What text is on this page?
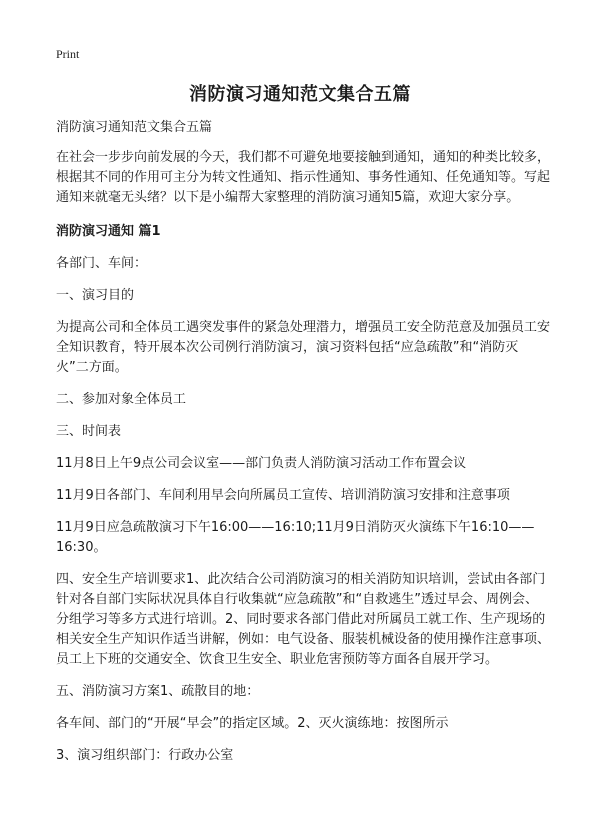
Print
消防演习通知范文集合五篇

消防演习通知范文集合五篇

在社会一步步向前发展的今天，我们都不可避免地要接触到通知，通知的种类比较多，根据其不同的作用可主分为转文性通知、指示性通知、事务性通知、任免通知等。写起通知来就毫无头绪？以下是小编帮大家整理的消防演习通知5篇，欢迎大家分享。

消防演习通知 篇1

各部门、车间：

一、演习目的

为提高公司和全体员工遇突发事件的紧急处理潜力，增强员工安全防范意及加强员工安全知识教育，特开展本次公司例行消防演习，演习资料包括“应急疏散”和“消防灭火”二方面。

二、参加对象全体员工

三、时间表

11月8日上午9点公司会议室——部门负责人消防演习活动工作布置会议

11月9日各部门、车间利用早会向所属员工宣传、培训消防演习安排和注意事项

11月9日应急疏散演习下午16:00——16:10;11月9日消防灭火演练下午16:10——16:30。

四、安全生产培训要求1、此次结合公司消防演习的相关消防知识培训，尝试由各部门针对各自部门实际状况具体自行收集就“应急疏散”和“自救逃生”透过早会、周例会、分组学习等多方式进行培训。2、同时要求各部门借此对所属员工就工作、生产现场的相关安全生产知识作适当讲解，例如：电气设备、服装机械设备的使用操作注意事项、员工上下班的交通安全、饮食卫生安全、职业危害预防等方面各自展开学习。

五、消防演习方案1、疏散目的地：

各车间、部门的“开展“早会”的指定区域。2、灭火演练地：按图所示

3、演习组织部门：行政办公室
